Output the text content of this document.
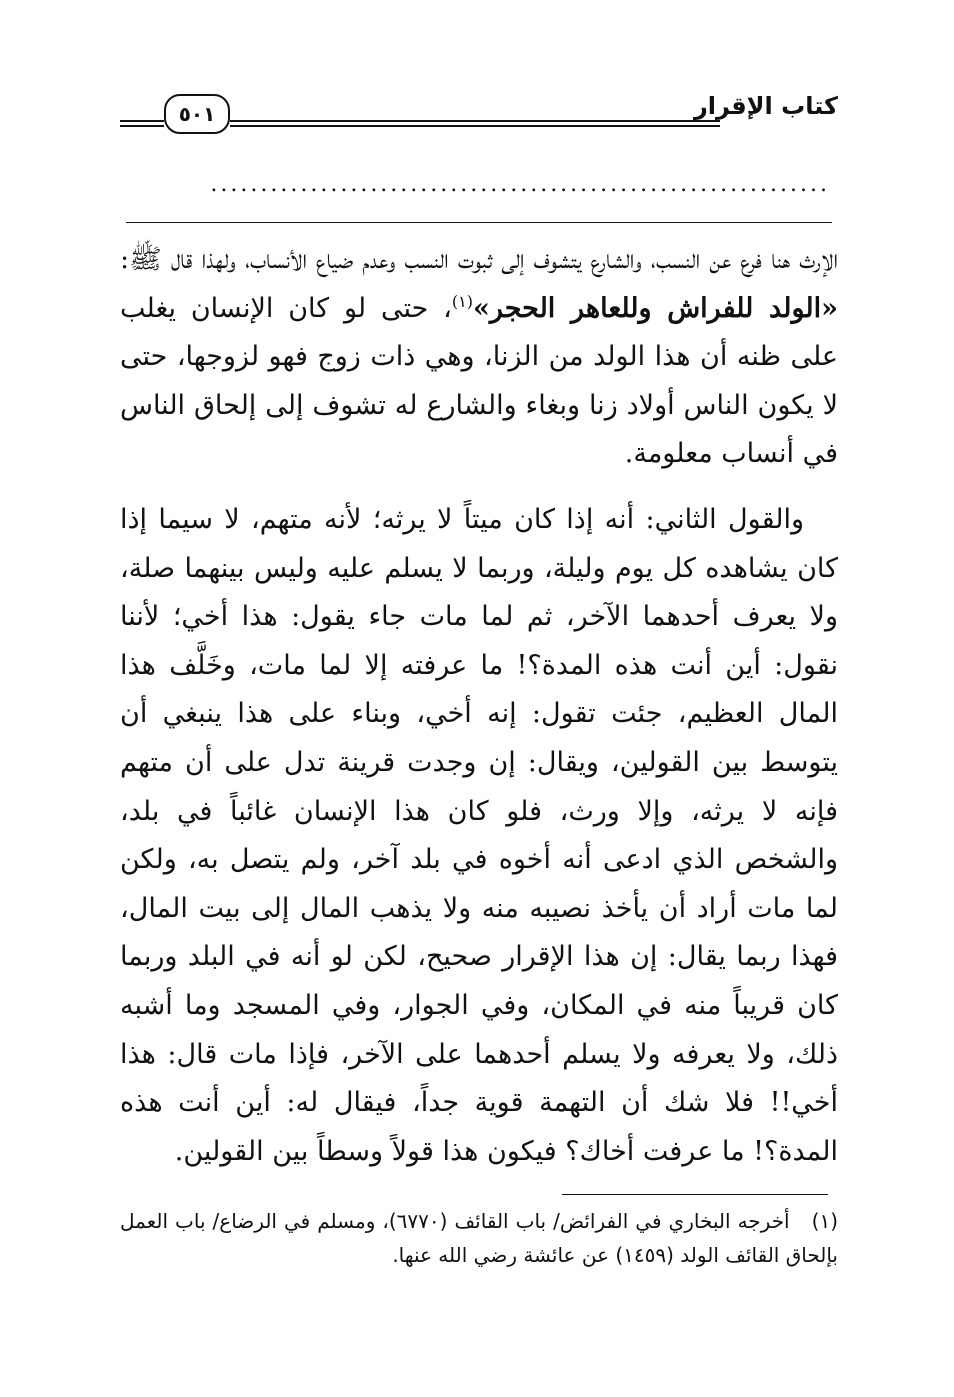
كتاب الإقرار
٥٠١
..............................................................

الإرث هنا فرع عن النسب، والشارع يتشوف إلى ثبوت النسب وعدم ضياع الأنساب، ولهذا قال ﷺ: «الولد للفراش وللعاهر الحجر»$^{(١)}$، حتى لو كان الإنسان يغلب على ظنه أن هذا الولد من الزنا، وهي ذات زوج فهو لزوجها، حتى لا يكون الناس أولاد زنا وبغاء والشارع له تشوف إلى إلحاق الناس في أنساب معلومة.

والقول الثاني: أنه إذا كان ميتاً لا يرثه؛ لأنه متهم، لا سيما إذا كان يشاهده كل يوم وليلة، وربما لا يسلم عليه وليس بينهما صلة، ولا يعرف أحدهما الآخر، ثم لما مات جاء يقول: هذا أخي؛ لأننا نقول: أين أنت هذه المدة؟! ما عرفته إلا لما مات، وخَلَّف هذا المال العظيم، جئت تقول: إنه أخي، وبناء على هذا ينبغي أن يتوسط بين القولين، ويقال: إن وجدت قرينة تدل على أن متهم فإنه لا يرثه، وإلا ورث، فلو كان هذا الإنسان غائباً في بلد، والشخص الذي ادعى أنه أخوه في بلد آخر، ولم يتصل به، ولكن لما مات أراد أن يأخذ نصيبه منه ولا يذهب المال إلى بيت المال، فهذا ربما يقال: إن هذا الإقرار صحيح، لكن لو أنه في البلد وربما كان قريباً منه في المكان، وفي الجوار، وفي المسجد وما أشبه ذلك، ولا يعرفه ولا يسلم أحدهما على الآخر، فإذا مات قال: هذا أخي!! فلا شك أن التهمة قوية جداً، فيقال له: أين أنت هذه المدة؟! ما عرفت أخاك؟ فيكون هذا قولاً وسطاً بين القولين.

(١)أخرجه البخاري في الفرائض/ باب القائف (٦٧٧٠)، ومسلم في الرضاع/ باب العمل بإلحاق القائف الولد (١٤٥٩) عن عائشة رضي الله عنها.
